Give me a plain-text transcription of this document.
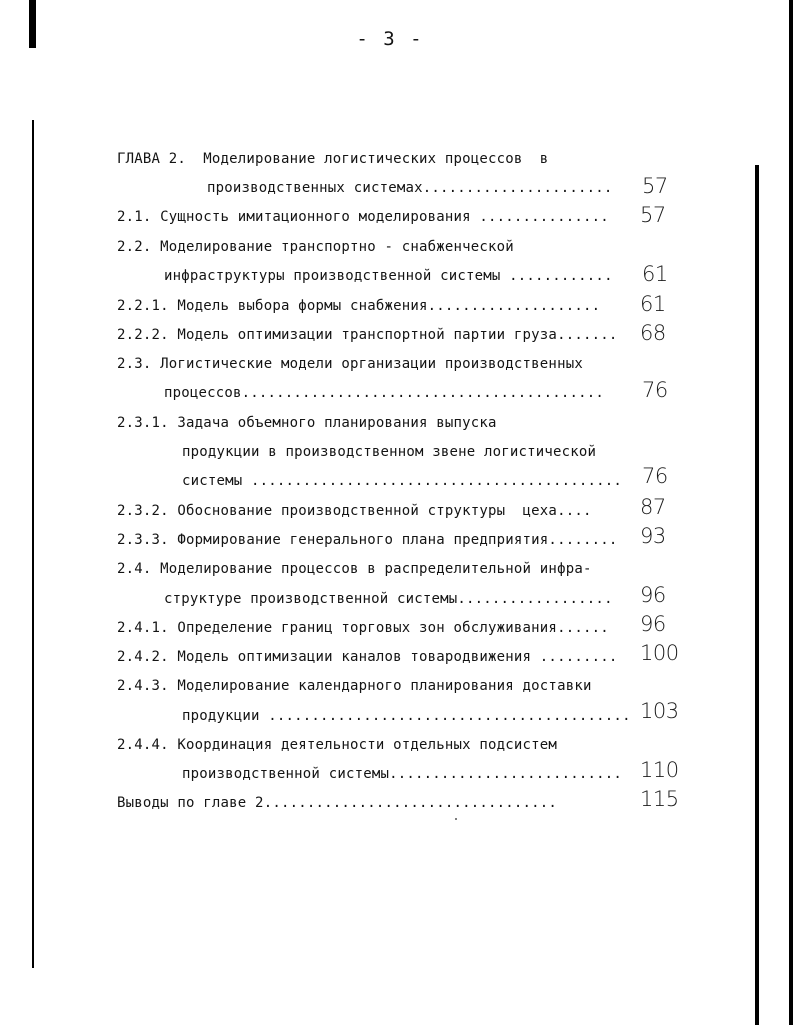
- 3 -
ГЛАВА 2.  Моделирование логистических процессов  в
производственных системах...................... 57
2.1. Сущность имитационного моделирования ............... 57
2.2. Моделирование транспортно - снабженческой
инфраструктуры производственной системы ............ 61
2.2.1. Модель выбора формы снабжения.................... 61
2.2.2. Модель оптимизации транспортной партии груза....... 68
2.3. Логистические модели организации производственных
процессов.......................................... 76
2.3.1. Задача объемного планирования выпуска
продукции в производственном звене логистической
системы ........................................... 76
2.3.2. Обоснование производственной структуры  цеха.... 87
2.3.3. Формирование генерального плана предприятия........ 93
2.4. Моделирование процессов в распределительной инфра-
структуре производственной системы.................. 96
2.4.1. Определение границ торговых зон обслуживания...... 96
2.4.2. Модель оптимизации каналов товародвижения ......... 100
2.4.3. Моделирование календарного планирования доставки
продукции .......................................... 103
2.4.4. Координация деятельности отдельных подсистем
производственной системы........................... 110
Выводы по главе 2..................................	115
